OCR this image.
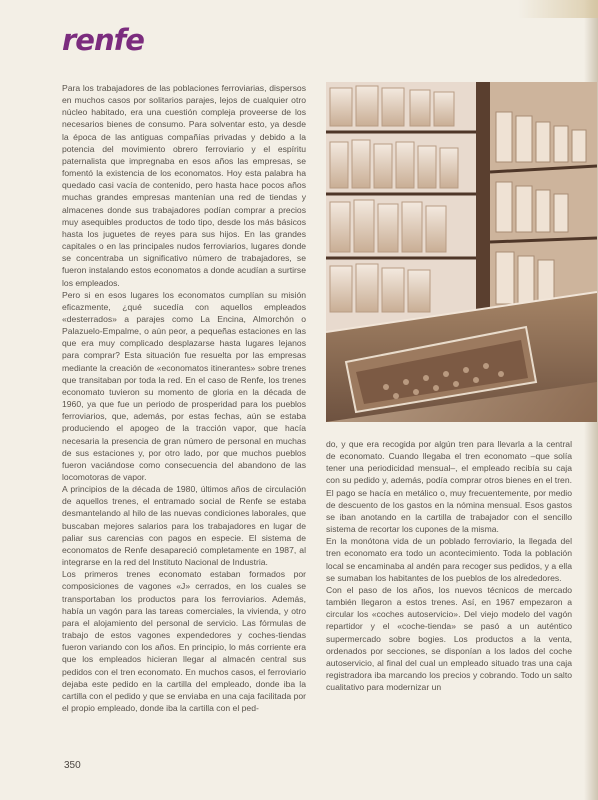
renfe

Para los trabajadores de las poblaciones ferroviarias, dispersos en muchos casos por solitarios parajes, lejos de cualquier otro núcleo habitado, era una cuestión compleja proveerse de los necesarios bienes de consumo. Para solventar esto, ya desde la época de las antiguas compañías privadas y debido a la potencia del movimiento obrero ferroviario y el espíritu paternalista que impregnaba en esos años las empresas, se fomentó la existencia de los economatos. Hoy esta palabra ha quedado casi vacía de contenido, pero hasta hace pocos años muchas grandes empresas mantenían una red de tiendas y almacenes donde sus trabajadores podían comprar a precios muy asequibles productos de todo tipo, desde los más básicos hasta los juguetes de reyes para sus hijos. En las grandes capitales o en las principales nudos ferroviarios, lugares donde se concentraba un significativo número de trabajadores, se fueron instalando estos economatos a donde acudían a surtirse los empleados.

Pero si en esos lugares los economatos cumplían su misión eficazmente, ¿qué sucedía con aquellos empleados «desterrados» a parajes como La Encina, Almorchón o Palazuelo-Empalme, o aún peor, a pequeñas estaciones en las que era muy complicado desplazarse hasta lugares lejanos para comprar? Esta situación fue resuelta por las empresas mediante la creación de «economatos itinerantes» sobre trenes que transitaban por toda la red. En el caso de Renfe, los trenes economato tuvieron su momento de gloria en la década de 1960, ya que fue un periodo de prosperidad para los pueblos ferroviarios, que, además, por estas fechas, aún se estaba produciendo el apogeo de la tracción vapor, que hacía necesaria la presencia de gran número de personal en muchas de sus estaciones y, por otro lado, por que muchos pueblos fueron vaciándose como consecuencia del abandono de las locomotoras de vapor.

A principios de la década de 1980, últimos años de circulación de aquellos trenes, el entramado social de Renfe se estaba desmantelando al hilo de las nuevas condiciones laborales, que buscaban mejores salarios para los trabajadores en lugar de paliar sus carencias con pagos en especie. El sistema de economatos de Renfe desapareció completamente en 1987, al integrarse en la red del Instituto Nacional de Industria.

Los primeros trenes economato estaban formados por composiciones de vagones «J» cerrados, en los cuales se transportaban los productos para los ferroviarios. Además, había un vagón para las tareas comerciales, la vivienda, y otro para el alojamiento del personal de servicio. Las fórmulas de trabajo de estos vagones expendedores y coches-tiendas fueron variando con los años. En principio, lo más corriente era que los empleados hicieran llegar al almacén central sus pedidos con el tren economato. En muchos casos, el ferroviario dejaba este pedido en la cartilla del empleado, donde iba la cartilla con el pedido y que se enviaba en una caja facilitada por el propio empleado, donde iba la cartilla con el ped-

do, y que era recogida por algún tren para llevarla a la central de economato. Cuando llegaba el tren economato –que solía tener una periodicidad mensual–, el empleado recibía su caja con su pedido y, además, podía comprar otros bienes en el tren. El pago se hacía en metálico o, muy frecuentemente, por medio de descuento de los gastos en la nómina mensual. Esos gastos se iban anotando en la cartilla de trabajador con el sencillo sistema de recortar los cupones de la misma.

En la monótona vida de un poblado ferroviario, la llegada del tren economato era todo un acontecimiento. Toda la población local se encaminaba al andén para recoger sus pedidos, y a ella se sumaban los habitantes de los pueblos de los alrededores.

Con el paso de los años, los nuevos técnicos de mercado también llegaron a estos trenes. Así, en 1967 empezaron a circular los «coches autoservicio». Del viejo modelo del vagón repartidor y el «coche-tienda» se pasó a un auténtico supermercado sobre bogies. Los productos a la venta, ordenados por secciones, se disponían a los lados del coche autoservicio, al final del cual un empleado situado tras una caja registradora iba marcando los precios y cobrando. Todo un salto cualitativo para modernizar un

350
